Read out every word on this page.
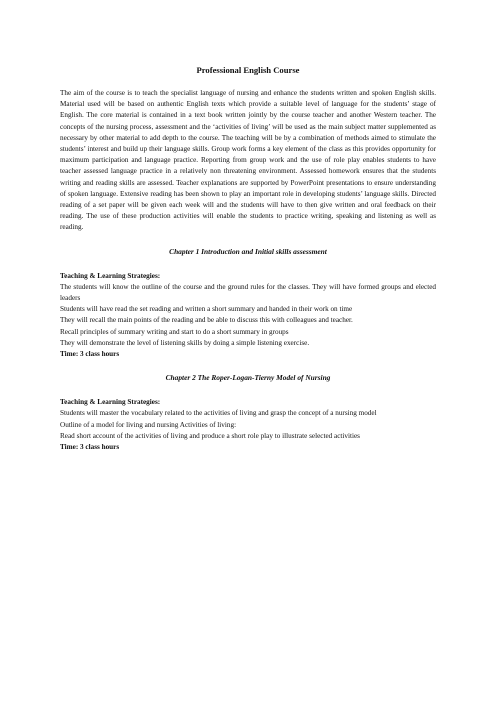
Professional English Course

The aim of the course is to teach the specialist language of nursing and enhance the students written and spoken English skills. Material used will be based on authentic English texts which provide a suitable level of language for the students’ stage of English. The core material is contained in a text book written jointly by the course teacher and another Western teacher. The concepts of the nursing process, assessment and the ‘activities of living’ will be used as the main subject matter supplemented as necessary by other material to add depth to the course. The teaching will be by a combination of methods aimed to stimulate the students’ interest and build up their language skills. Group work forms a key element of the class as this provides opportunity for maximum participation and language practice. Reporting from group work and the use of role play enables students to have teacher assessed language practice in a relatively non threatening environment. Assessed homework ensures that the students writing and reading skills are assessed. Teacher explanations are supported by PowerPoint presentations to ensure understanding of spoken language. Extensive reading has been shown to play an important role in developing students’ language skills. Directed reading of a set paper will be given each week will and the students will have to then give written and oral feedback on their reading. The use of these production activities will enable the students to practice writing, speaking and listening as well as reading.

Chapter 1 Introduction and Initial skills assessment

Teaching & Learning Strategies:

The students will know the outline of the course and the ground rules for the classes. They will have formed groups and elected leaders

Students will have read the set reading and written a short summary and handed in their work on time

They will recall the main points of the reading and be able to discuss this with colleagues and teacher.

Recall principles of summary writing and start to do a short summary in groups

They will demonstrate the level of listening skills by doing a simple listening exercise.

Time: 3 class hours

Chapter 2 The Roper-Logan-Tierny Model of Nursing

Teaching & Learning Strategies:

Students will master the vocabulary related to the activities of living and grasp the concept of a nursing model

Outline of a model for living and nursing Activities of living:

Read short account of the activities of living and produce a short role play to illustrate selected activities

Time: 3 class hours
